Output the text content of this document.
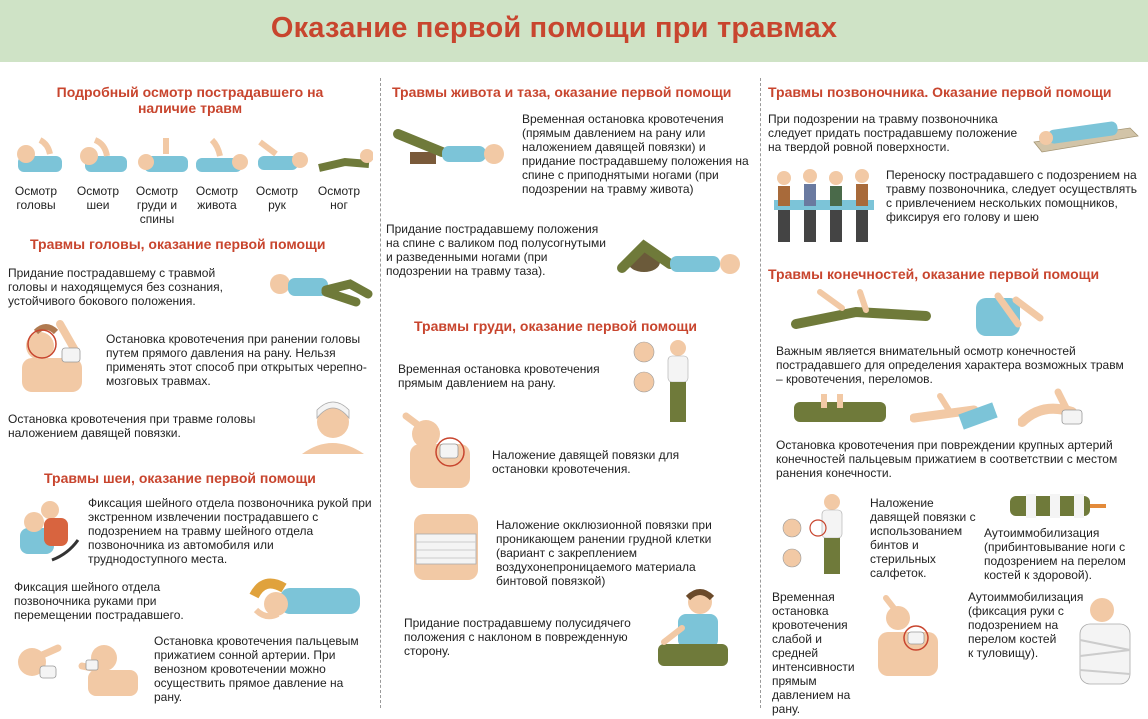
Оказание первой помощи при травмах
Подробный осмотр пострадавшего на наличие травм
Осмотр головы
Осмотр шеи
Осмотр груди и спины
Осмотр живота
Осмотр рук
Осмотр ног
Травмы головы, оказание первой помощи
Придание пострадавшему с травмой головы и находящемуся без сознания, устойчивого бокового положения.
Остановка кровотечения при ранении головы путем прямого давления на рану. Нельзя применять этот способ при открытых черепно-мозговых травмах.
Остановка кровотечения при травме головы наложением давящей повязки.
Травмы шеи, оказание первой помощи
Фиксация шейного отдела позвоночника рукой при экстренном извлечении пострадавшего с подозрением на травму шейного отдела позвоночника из автомобиля или труднодоступного места.
Фиксация шейного отдела позвоночника руками при перемещении пострадавшего.
Остановка кровотечения пальцевым прижатием сонной артерии. При венозном кровотечении можно осуществить прямое давление на рану.
Травмы живота и таза, оказание первой помощи
Временная остановка кровотечения (прямым давлением на рану или наложением давящей повязки) и придание пострадавшему положения на спине с приподнятыми ногами (при подозрении на травму живота)
Придание пострадавшему положения на спине с валиком под полусогнутыми и разведенными ногами (при подозрении на травму таза).
Травмы груди, оказание первой помощи
Временная остановка кровотечения прямым давлением на рану.
Наложение давящей повязки для остановки кровотечения.
Наложение окклюзионной повязки при проникающем ранении грудной клетки (вариант с закреплением воздухонепроницаемого материала бинтовой повязкой)
Придание пострадавшему полусидячего положения с наклоном в поврежденную сторону.
Травмы позвоночника. Оказание первой помощи
При подозрении на травму позвоночника следует придать пострадавшему положение на твердой ровной поверхности.
Переноску пострадавшего с подозрением на травму позвоночника, следует осуществлять с привлечением нескольких помощников, фиксируя его голову и шею
Травмы конечностей, оказание первой помощи
Важным является внимательный осмотр конечностей пострадавшего для определения характера возможных травм – кровотечения, переломов.
Остановка кровотечения при повреждении крупных артерий конечностей пальцевым прижатием в соответствии с местом ранения конечности.
Наложение давящей повязки с использованием бинтов и стерильных салфеток.
Аутоиммобилизация (прибинтовывание ноги с подозрением на перелом костей к здоровой).
Временная остановка кровотечения слабой и средней интенсивности прямым давлением на рану.
Аутоиммобилизация (фиксация руки с подозрением на перелом костей к туловищу).
